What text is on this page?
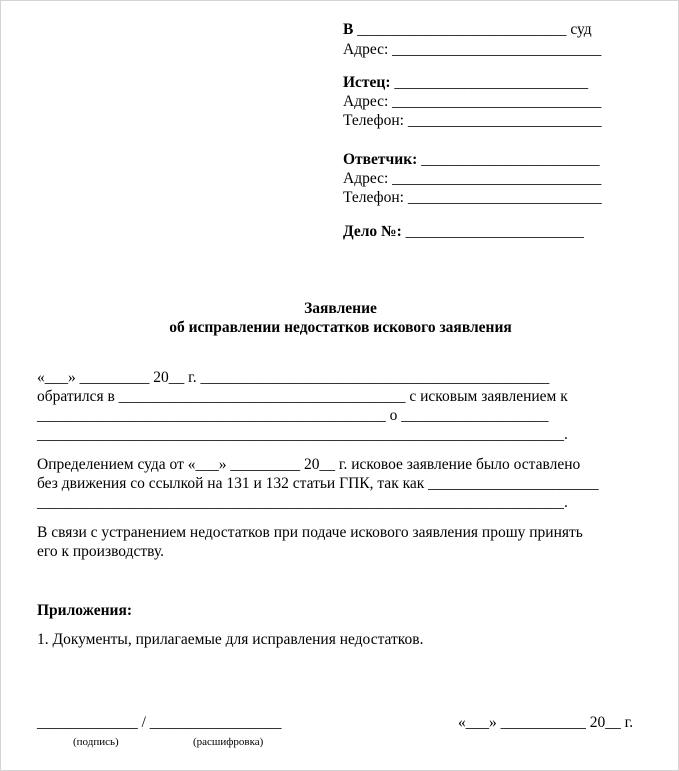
В ___________________________ суд
Адрес: ___________________________
Истец: _________________________
Адрес: ___________________________
Телефон: _________________________
Ответчик: _______________________
Адрес: ___________________________
Телефон: _________________________
Дело №: _______________________
Заявление
об исправлении недостатков искового заявления
«___» _________ 20__ г. _____________________________________________
обратился в _____________________________________ с исковым заявлением к
_____________________________________________ о ___________________
____________________________________________________________________.
Определением суда от «___» _________ 20__ г. исковое заявление было оставлено
без движения со ссылкой на 131 и 132 статьи ГПК, так как ______________________
____________________________________________________________________.
В связи с устранением недостатков при подаче искового заявления прошу принять
его к производству.
Приложения:
1. Документы, прилагаемые для исправления недостатков.
_____________ / _________________	«___» ___________ 20__ г.
(подпись)	(расшифровка)
